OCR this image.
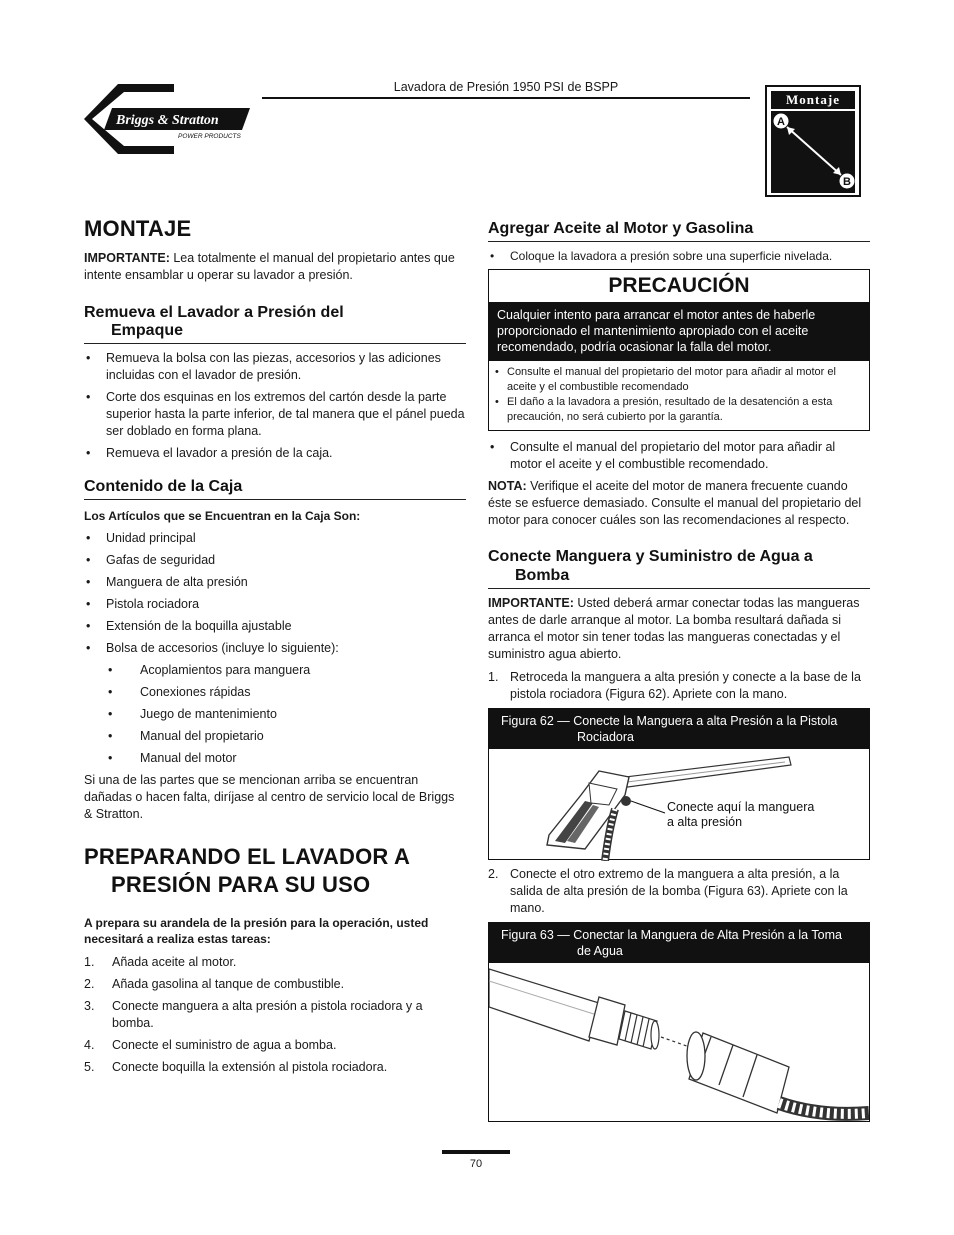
Lavadora de Presión 1950 PSI de BSPP
Briggs & Stratton
POWER PRODUCTS
Montaje
A
B
MONTAJE

IMPORTANTE: Lea totalmente el manual del propietario antes que intente ensamblar u operar su lavador a presión.

Remueva el Lavador a Presión del
Empaque
• Remueva la bolsa con las piezas, accesorios y las adiciones incluidas con el lavador de presión.
• Corte dos esquinas en los extremos del cartón desde la parte superior hasta la parte inferior, de tal manera que el pánel pueda ser doblado en forma plana.
• Remueva el lavador a presión de la caja.
Contenido de la Caja

Los Artículos que se Encuentran en la Caja Son:

• Unidad principal
• Gafas de seguridad
• Manguera de alta presión
• Pistola rociadora
• Extensión de la boquilla ajustable
• Bolsa de accesorios (incluye lo siguiente):
• Acoplamientos para manguera
• Conexiones rápidas
• Juego de mantenimiento
• Manual del propietario
• Manual del motor

Si una de las partes que se mencionan arriba se encuentran dañadas o hacen falta, diríjase al centro de servicio local de Briggs & Stratton.

PREPARANDO EL LAVADOR A
PRESIÓN PARA SU USO

A prepara su arandela de la presión para la operación, usted necesitará a realiza estas tareas:

1. Añada aceite al motor.
2. Añada gasolina al tanque de combustible.
3. Conecte manguera a alta presión a pistola rociadora y a bomba.
4. Conecte el suministro de agua a bomba.
5. Conecte boquilla la extensión al pistola rociadora.
Agregar Aceite al Motor y Gasolina
• Coloque la lavadora a presión sobre una superficie nivelada.
PRECAUCIÓN
Cualquier intento para arrancar el motor antes de haberle proporcionado el mantenimiento apropiado con el aceite recomendado, podría ocasionar la falla del motor.
• Consulte el manual del propietario del motor para añadir al motor el aceite y el combustible recomendado
• El daño a la lavadora a presión, resultado de la desatención a esta precaución, no será cubierto por la garantía.
• Consulte el manual del propietario del motor para añadir al motor el aceite y el combustible recomendado.

NOTA: Verifique el aceite del motor de manera frecuente cuando éste se esfuerce demasiado. Consulte el manual del propietario del motor para conocer cuáles son las recomendaciones al respecto.

Conecte Manguera y Suministro de Agua a
Bomba

IMPORTANTE: Usted deberá armar conectar todas las mangueras antes de darle arranque al motor. La bomba resultará dañada si arranca el motor sin tener todas las mangueras conectadas y el suministro agua abierto.

1. Retroceda la manguera a alta presión y conecte a la base de la pistola rociadora (Figura 62). Apriete con la mano.
Figura 62 — Conecte la Manguera a alta Presión a la Pistola
Rociadora
Conecte aquí la manguera
a alta presión
2. Conecte el otro extremo de la manguera a alta presión, a la salida de alta presión de la bomba (Figura 63). Apriete con la mano.
Figura 63 — Conectar la Manguera de Alta Presión a la Toma
de Agua
70
